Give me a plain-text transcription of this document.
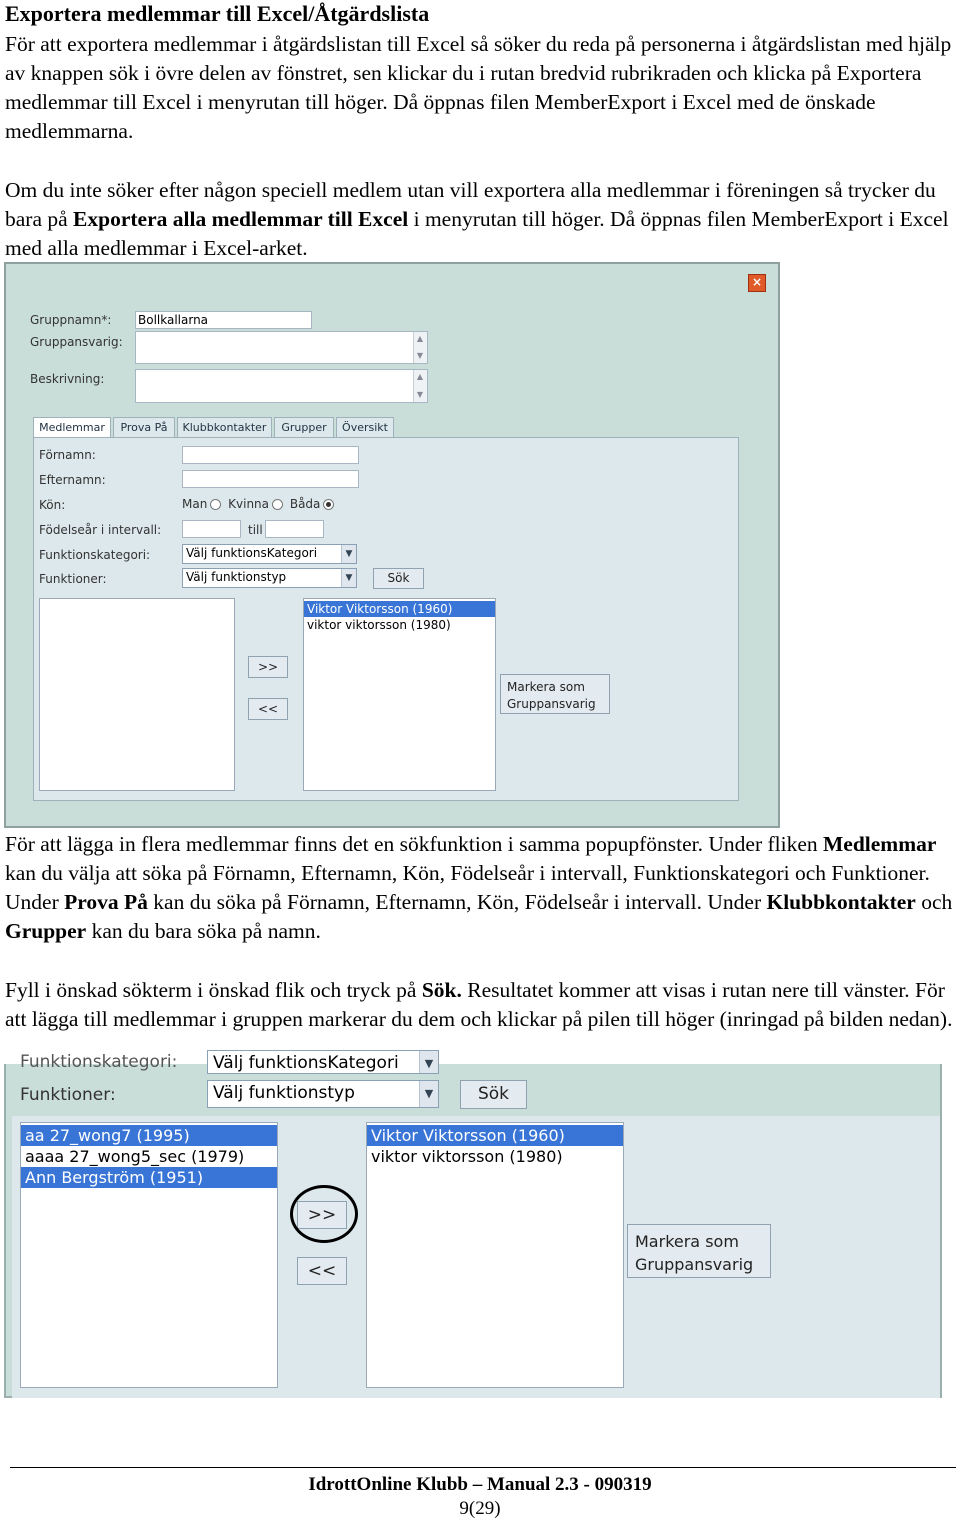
Exportera medlemmar till Excel/Åtgärdslista

För att exportera medlemmar i åtgärdslistan till Excel så söker du reda på personerna i åtgärdslistan med hjälp av knappen sök i övre delen av fönstret, sen klickar du i rutan bredvid rubrikraden och klicka på Exportera medlemmar till Excel i menyrutan till höger. Då öppnas filen MemberExport i Excel med de önskade medlemmarna.

Om du inte söker efter någon speciell medlem utan vill exportera alla medlemmar i föreningen så trycker du bara på Exportera alla medlemmar till Excel i menyrutan till höger. Då öppnas filen MemberExport i Excel med alla medlemmar i Excel-arket.

×
Gruppnamn*: Bollkallarna
Gruppansvarig:	▲
▼
Beskrivning:	▲
▼
Medlemmar	Prova På	Klubbkontakter	Grupper	Översikt
Förnamn:
Efternamn:
Kön:	Man Kvinna Båda
Födelseår i intervall:	till
Funktionskategori:	Välj funktionsKategori	▼
Funktioner:	Välj funktionstyp	▼	Sök
>>
<<
Viktor Viktorsson (1960)
viktor viktorsson (1980)
Markera som
Gruppansvarig

För att lägga in flera medlemmar finns det en sökfunktion i samma popupfönster. Under fliken Medlemmar kan du välja att söka på Förnamn, Efternamn, Kön, Födelseår i intervall, Funktionskategori och Funktioner. Under Prova På kan du söka på Förnamn, Efternamn, Kön, Födelseår i intervall. Under Klubbkontakter och Grupper kan du bara söka på namn.

Fyll i önskad sökterm i önskad flik och tryck på Sök. Resultatet kommer att visas i rutan nere till vänster. För att lägga till medlemmar i gruppen markerar du dem och klickar på pilen till höger (inringad på bilden nedan).

Funktionskategori:	Välj funktionsKategori	▼
Funktioner:	Välj funktionstyp	▼	Sök
aa 27_wong7 (1995)
aaaa 27_wong5_sec (1979)
Ann Bergström (1951)
>>
<<
Viktor Viktorsson (1960)
viktor viktorsson (1980)
Markera som
Gruppansvarig
IdrottOnline Klubb – Manual 2.3 - 090319
9(29)
